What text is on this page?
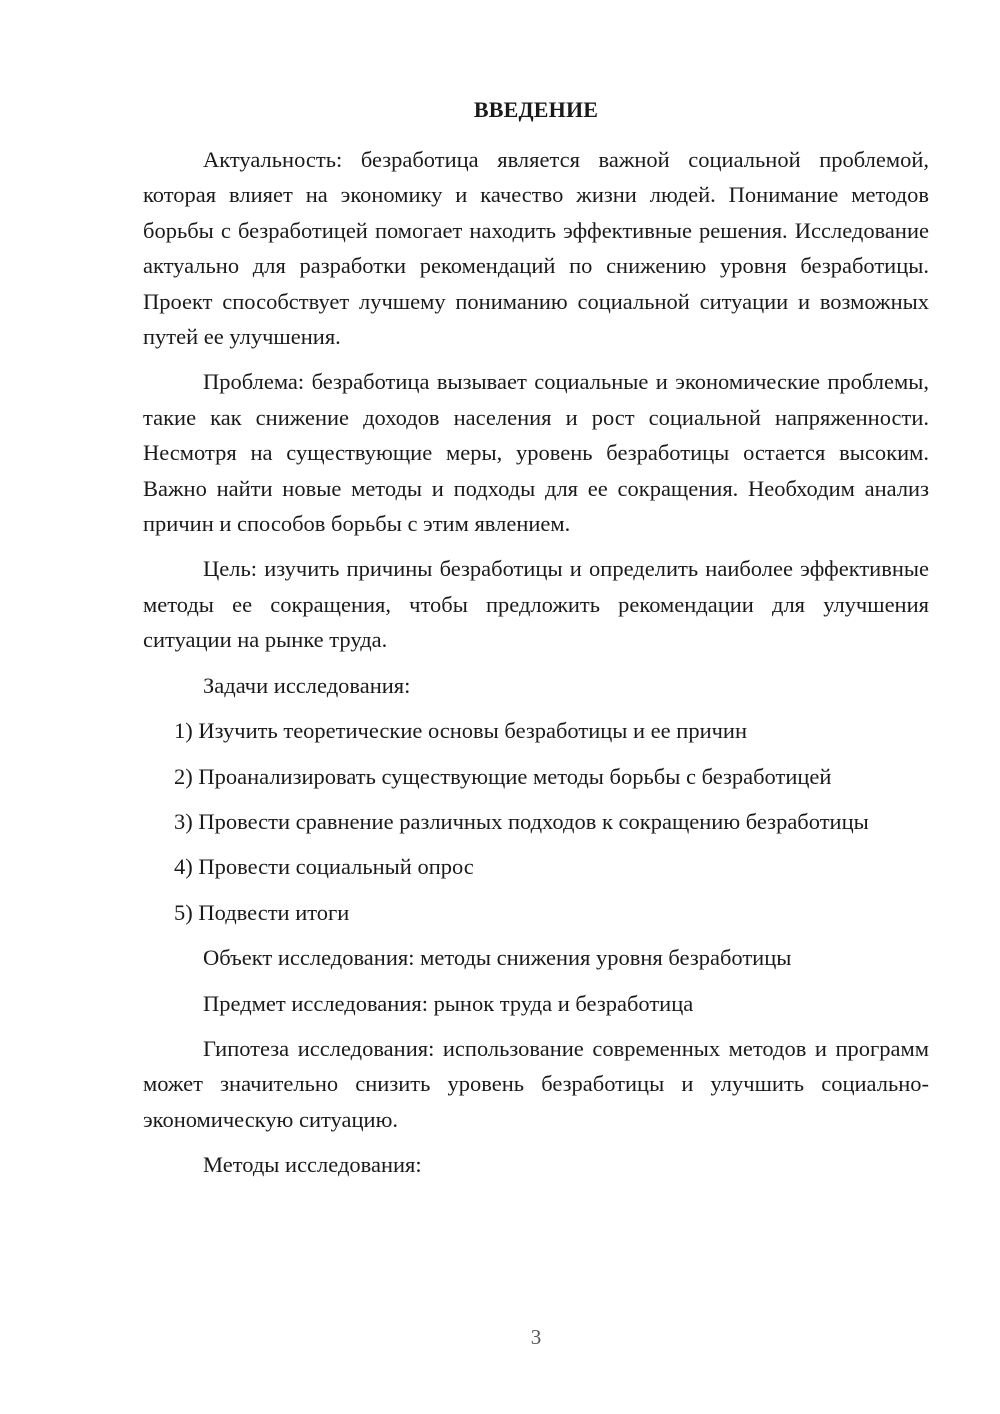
ВВЕДЕНИЕ

Актуальность: безработица является важной социальной проблемой, которая влияет на экономику и качество жизни людей. Понимание методов борьбы с безработицей помогает находить эффективные решения. Исследование актуально для разработки рекомендаций по снижению уровня безработицы. Проект способствует лучшему пониманию социальной ситуации и возможных путей ее улучшения.

Проблема: безработица вызывает социальные и экономические проблемы, такие как снижение доходов населения и рост социальной напряженности. Несмотря на существующие меры, уровень безработицы остается высоким. Важно найти новые методы и подходы для ее сокращения. Необходим анализ причин и способов борьбы с этим явлением.

Цель: изучить причины безработицы и определить наиболее эффективные методы ее сокращения, чтобы предложить рекомендации для улучшения ситуации на рынке труда.

Задачи исследования:

1) Изучить теоретические основы безработицы и ее причин

2) Проанализировать существующие методы борьбы с безработицей

3) Провести сравнение различных подходов к сокращению безработицы

4) Провести социальный опрос

5) Подвести итоги

Объект исследования: методы снижения уровня безработицы

Предмет исследования: рынок труда и безработица

Гипотеза исследования: использование современных методов и программ может значительно снизить уровень безработицы и улучшить социально-экономическую ситуацию.

Методы исследования:

3
